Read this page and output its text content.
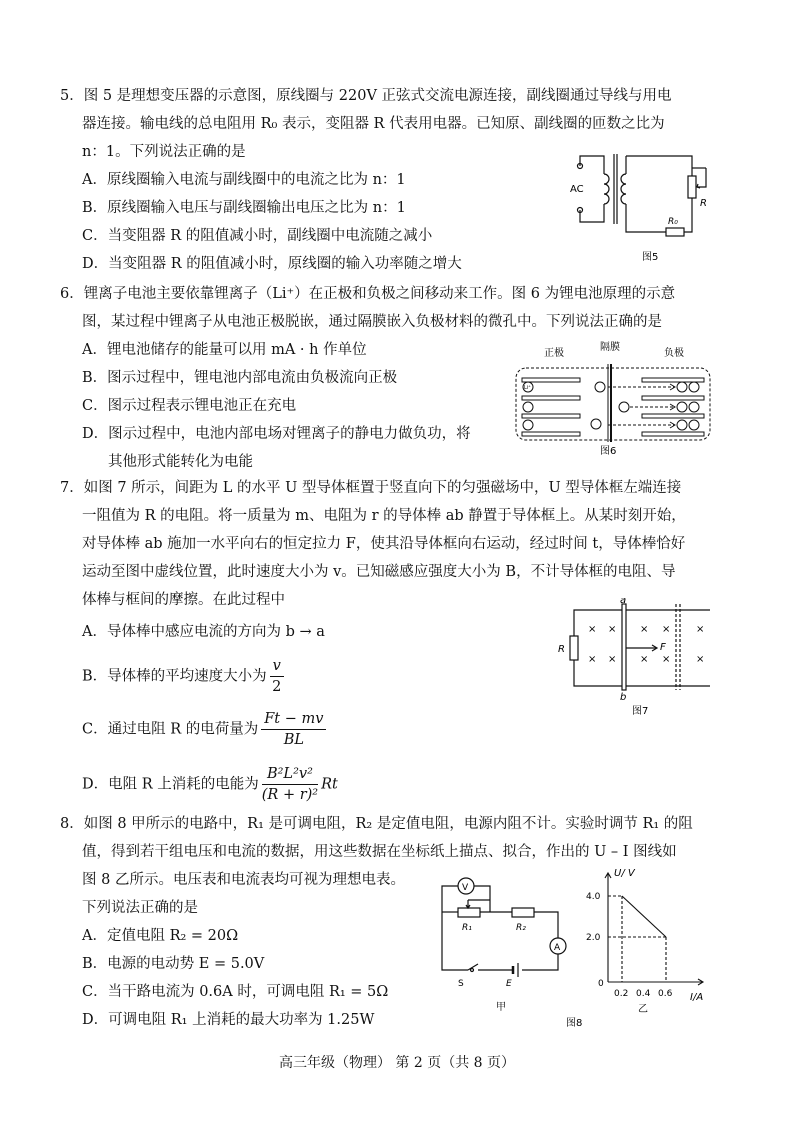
5．图 5 是理想变压器的示意图，原线圈与 220V 正弦式交流电源连接，副线圈通过导线与用电
器连接。输电线的总电阻用 R₀ 表示，变阻器 R 代表用电器。已知原、副线圈的匝数之比为
n：1。下列说法正确的是
A．原线圈输入电流与副线圈中的电流之比为 n：1
B．原线圈输入电压与副线圈输出电压之比为 n：1
C．当变阻器 R 的阻值减小时，副线圈中电流随之减小
D．当变阻器 R 的阻值减小时，原线圈的输入功率随之增大
AC
R
R₀
图5
6．锂离子电池主要依靠锂离子（Li⁺）在正极和负极之间移动来工作。图 6 为锂电池原理的示意
图，某过程中锂离子从电池正极脱嵌，通过隔膜嵌入负极材料的微孔中。下列说法正确的是
A．锂电池储存的能量可以用 mA · h 作单位
B．图示过程中，锂电池内部电流由负极流向正极
C．图示过程表示锂电池正在充电
D．图示过程中，电池内部电场对锂离子的静电力做负功，将
其他形式能转化为电能
Li⁺
正极
隔膜
负极
图6
7．如图 7 所示，间距为 L 的水平 U 型导体框置于竖直向下的匀强磁场中，U 型导体框左端连接
一阻值为 R 的电阻。将一质量为 m、电阻为 r 的导体棒 ab 静置于导体框上。从某时刻开始，
对导体棒 ab 施加一水平向右的恒定拉力 F，使其沿导体框向右运动，经过时间 t，导体棒恰好
运动至图中虚线位置，此时速度大小为 v。已知磁感应强度大小为 B，不计导体框的电阻、导
体棒与框间的摩擦。在此过程中
A．导体棒中感应电流的方向为 b → a
B．导体棒的平均速度大小为 $\frac{v}{2}$
C．通过电阻 R 的电荷量为 $\frac{Ft - mv}{BL}$
D．电阻 R 上消耗的电能为 $\frac{\text{B²L²v²}}{\text{(R + r)²}}$ Rt
× × × ×	×
× × × ×	×
a
b
R	F
图7
8．如图 8 甲所示的电路中，R₁ 是可调电阻，R₂ 是定值电阻，电源内阻不计。实验时调节 R₁ 的阻
值，得到若干组电压和电流的数据，用这些数据在坐标纸上描点、拟合，作出的 U – I 图线如
图 8 乙所示。电压表和电流表均可视为理想电表。
下列说法正确的是
A．定值电阻 R₂ = 20Ω
B．电源的电动势 E = 5.0V
C．当干路电流为 0.6A 时，可调电阻 R₁ = 5Ω
D．可调电阻 R₁ 上消耗的最大功率为 1.25W
V
A
R₁	R₂
S	E
甲
图8
U/ V
I/A
4.0
2.0
0
0.2 0.4 0.6
乙
高三年级（物理） 第 2 页（共 8 页）
